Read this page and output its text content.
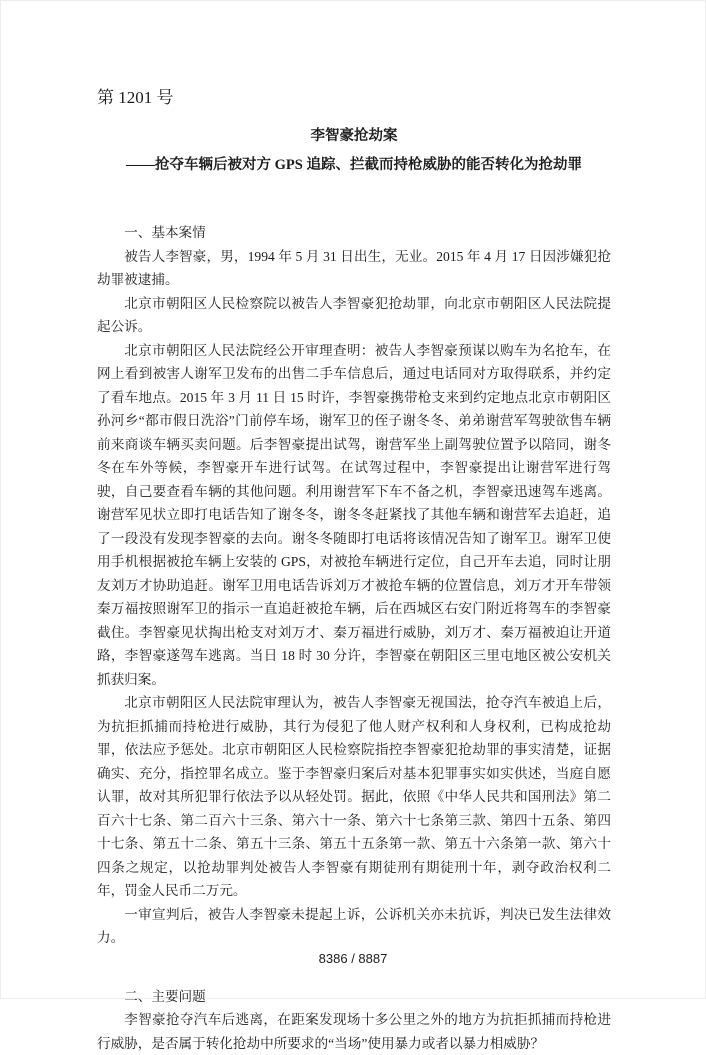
第 1201 号
李智豪抢劫案
——抢夺车辆后被对方 GPS 追踪、拦截而持枪威胁的能否转化为抢劫罪

一、基本案情

被告人李智豪，男，1994 年 5 月 31 日出生，无业。2015 年 4 月 17 日因涉嫌犯抢劫罪被逮捕。

北京市朝阳区人民检察院以被告人李智豪犯抢劫罪，向北京市朝阳区人民法院提起公诉。

北京市朝阳区人民法院经公开审理查明：被告人李智豪预谋以购车为名抢车，在网上看到被害人谢军卫发布的出售二手车信息后，通过电话同对方取得联系，并约定了看车地点。2015 年 3 月 11 日 15 时许，李智豪携带枪支来到约定地点北京市朝阳区孙河乡“都市假日洗浴”门前停车场，谢军卫的侄子谢冬冬、弟弟谢营军驾驶欲售车辆前来商谈车辆买卖问题。后李智豪提出试驾，谢营军坐上副驾驶位置予以陪同，谢冬冬在车外等候，李智豪开车进行试驾。在试驾过程中，李智豪提出让谢营军进行驾驶，自己要查看车辆的其他问题。利用谢营军下车不备之机，李智豪迅速驾车逃离。谢营军见状立即打电话告知了谢冬冬，谢冬冬赶紧找了其他车辆和谢营军去追赶，追了一段没有发现李智豪的去向。谢冬冬随即打电话将该情况告知了谢军卫。谢军卫使用手机根据被抢车辆上安装的 GPS，对被抢车辆进行定位，自己开车去追，同时让朋友刘万才协助追赶。谢军卫用电话告诉刘万才被抢车辆的位置信息，刘万才开车带领秦万福按照谢军卫的指示一直追赶被抢车辆，后在西城区右安门附近将驾车的李智豪截住。李智豪见状掏出枪支对刘万才、秦万福进行威胁，刘万才、秦万福被迫让开道路，李智豪遂驾车逃离。当日 18 时 30 分许，李智豪在朝阳区三里屯地区被公安机关抓获归案。

北京市朝阳区人民法院审理认为，被告人李智豪无视国法，抢夺汽车被追上后，为抗拒抓捕而持枪进行威胁，其行为侵犯了他人财产权利和人身权利，已构成抢劫罪，依法应予惩处。北京市朝阳区人民检察院指控李智豪犯抢劫罪的事实清楚，证据确实、充分，指控罪名成立。鉴于李智豪归案后对基本犯罪事实如实供述，当庭自愿认罪，故对其所犯罪行依法予以从轻处罚。据此，依照《中华人民共和国刑法》第二百六十七条、第二百六十三条、第六十一条、第六十七条第三款、第四十五条、第四十七条、第五十二条、第五十三条、第五十五条第一款、第五十六条第一款、第六十四条之规定，以抢劫罪判处被告人李智豪有期徒刑有期徒刑十年，剥夺政治权利二年，罚金人民币二万元。

一审宣判后，被告人李智豪未提起上诉，公诉机关亦未抗诉，判决已发生法律效力。

二、主要问题

李智豪抢夺汽车后逃离，在距案发现场十多公里之外的地方为抗拒抓捕而持枪进行威胁，是否属于转化抢劫中所要求的“当场”使用暴力或者以暴力相威胁？

8386 / 8887
